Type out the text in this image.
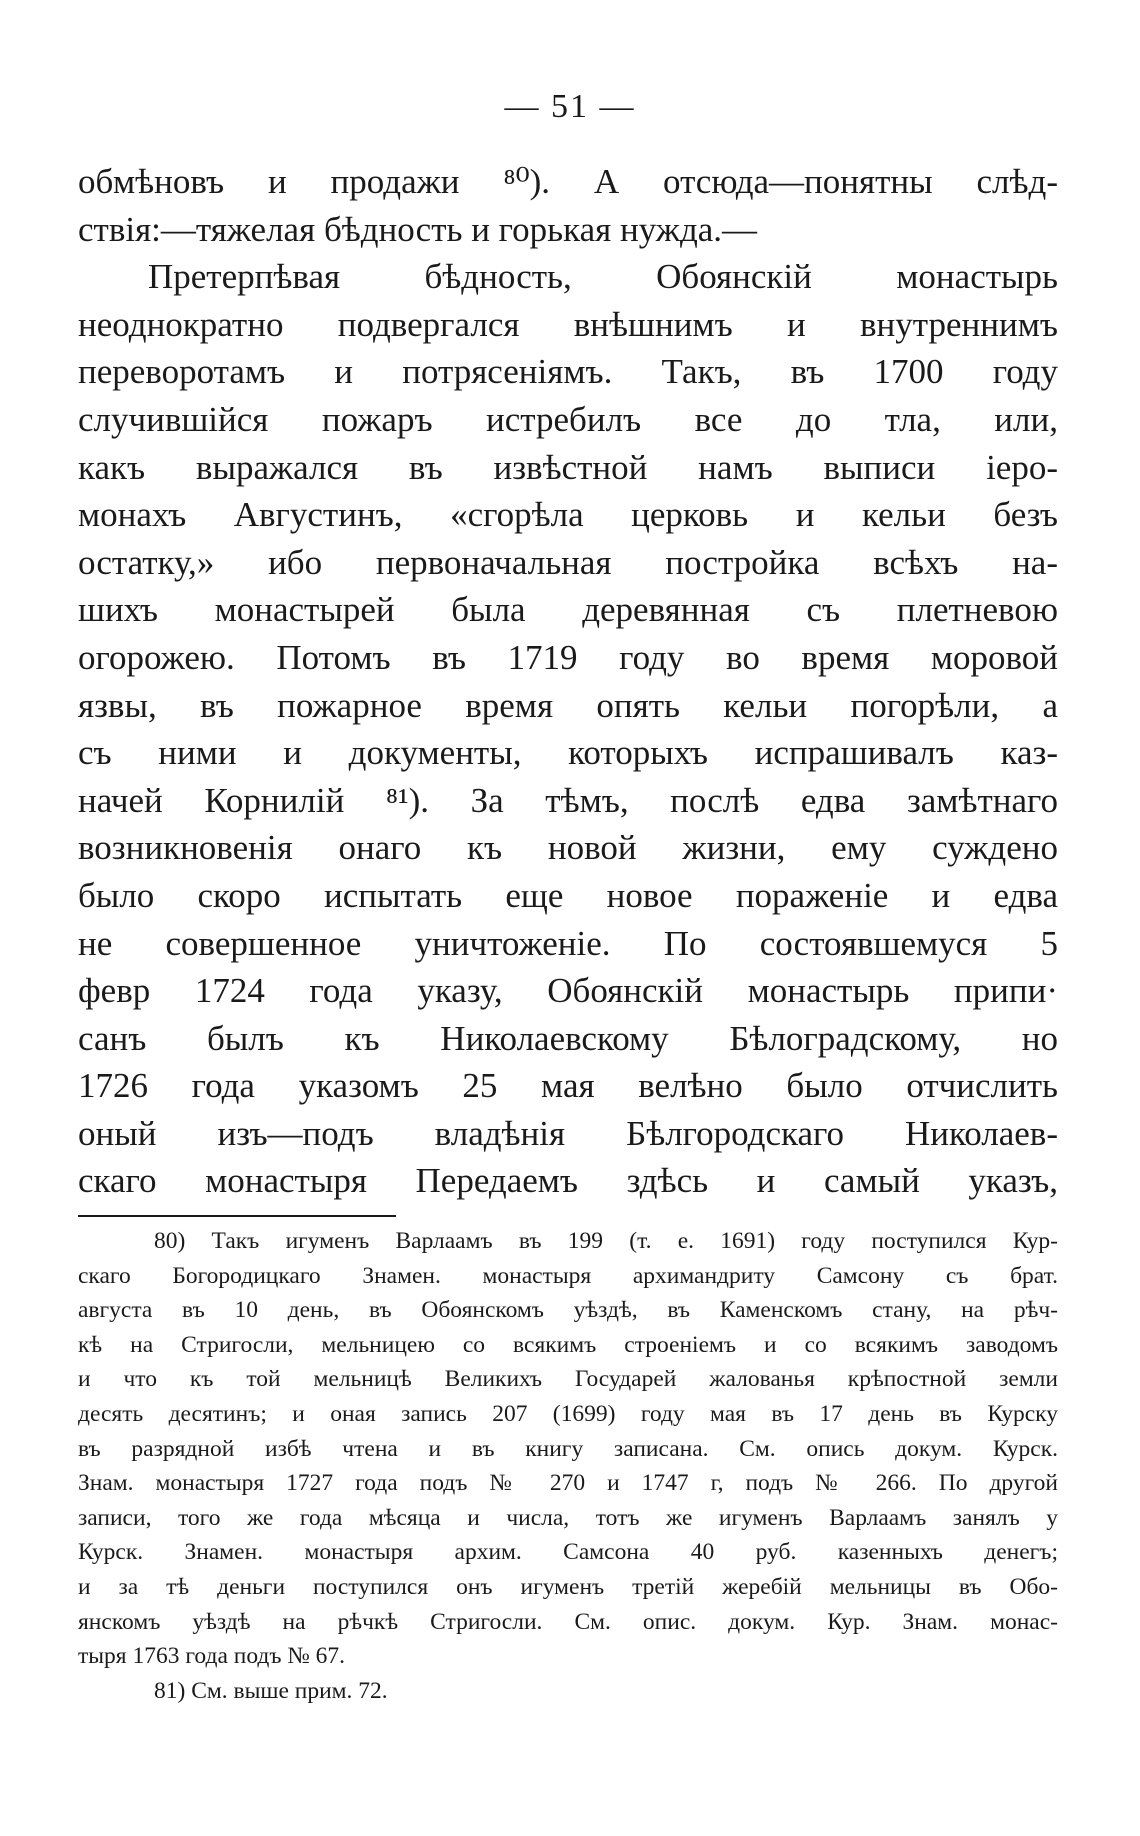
— 51 —
обмѣновъ и продажи ⁸⁰). А отсюда—понятны слѣд-
ствія:—тяжелая бѣдность и горькая нужда.—
Претерпѣвая бѣдность, Обоянскій монастырь
неоднократно подвергался внѣшнимъ и внутреннимъ
переворотамъ и потрясеніямъ. Такъ, въ 1700 году
случившійся пожаръ истребилъ все до тла, или,
какъ выражался въ извѣстной намъ выписи іеро-
монахъ Августинъ, «сгорѣла церковь и кельи безъ
остатку,» ибо первоначальная постройка всѣхъ на-
шихъ монастырей была деревянная съ плетневою
огорожею. Потомъ въ 1719 году во время моровой
язвы, въ пожарное время опять кельи погорѣли, а
съ ними и документы, которыхъ испрашивалъ каз-
начей Корнилій ⁸¹). За тѣмъ, послѣ едва замѣтнаго
возникновенія онаго къ новой жизни, ему суждено
было скоро испытать еще новое пораженіе и едва
не совершенное уничтоженіе. По состоявшемуся 5
февр 1724 года указу, Обоянскій монастырь припи·
санъ былъ къ Николаевскому Бѣлоградскому, но
1726 года указомъ 25 мая велѣно было отчислить
оный изъ—подъ владѣнія Бѣлгородскаго Николаев-
скаго монастыря Передаемъ здѣсь и самый указъ,
80) Такъ игуменъ Варлаамъ въ 199 (т. е. 1691) году поступился Кур-
скаго Богородицкаго Знамен. монастыря архимандриту Самсону съ брат.
августа въ 10 день, въ Обоянскомъ уѣздѣ, въ Каменскомъ стану, на рѣч-
кѣ на Стригосли, мельницею со всякимъ строеніемъ и со всякимъ заводомъ
и что къ той мельницѣ Великихъ Государей жалованья крѣпостной земли
десять десятинъ; и оная запись 207 (1699) году мая въ 17 день въ Курску
въ разрядной избѣ чтена и въ книгу записана. См. опись докум. Курск.
Знам. монастыря 1727 года подъ № 270 и 1747 г, подъ № 266. По другой
записи, того же года мѣсяца и числа, тотъ же игуменъ Варлаамъ занялъ у
Курск. Знамен. монастыря архим. Самсона 40 руб. казенныхъ денегъ;
и за тѣ деньги поступился онъ игуменъ третій жеребій мельницы въ Обо-
янскомъ уѣздѣ на рѣчкѣ Стригосли. См. опис. докум. Кур. Знам. монас-
тыря 1763 года подъ № 67.
81) См. выше прим. 72.
